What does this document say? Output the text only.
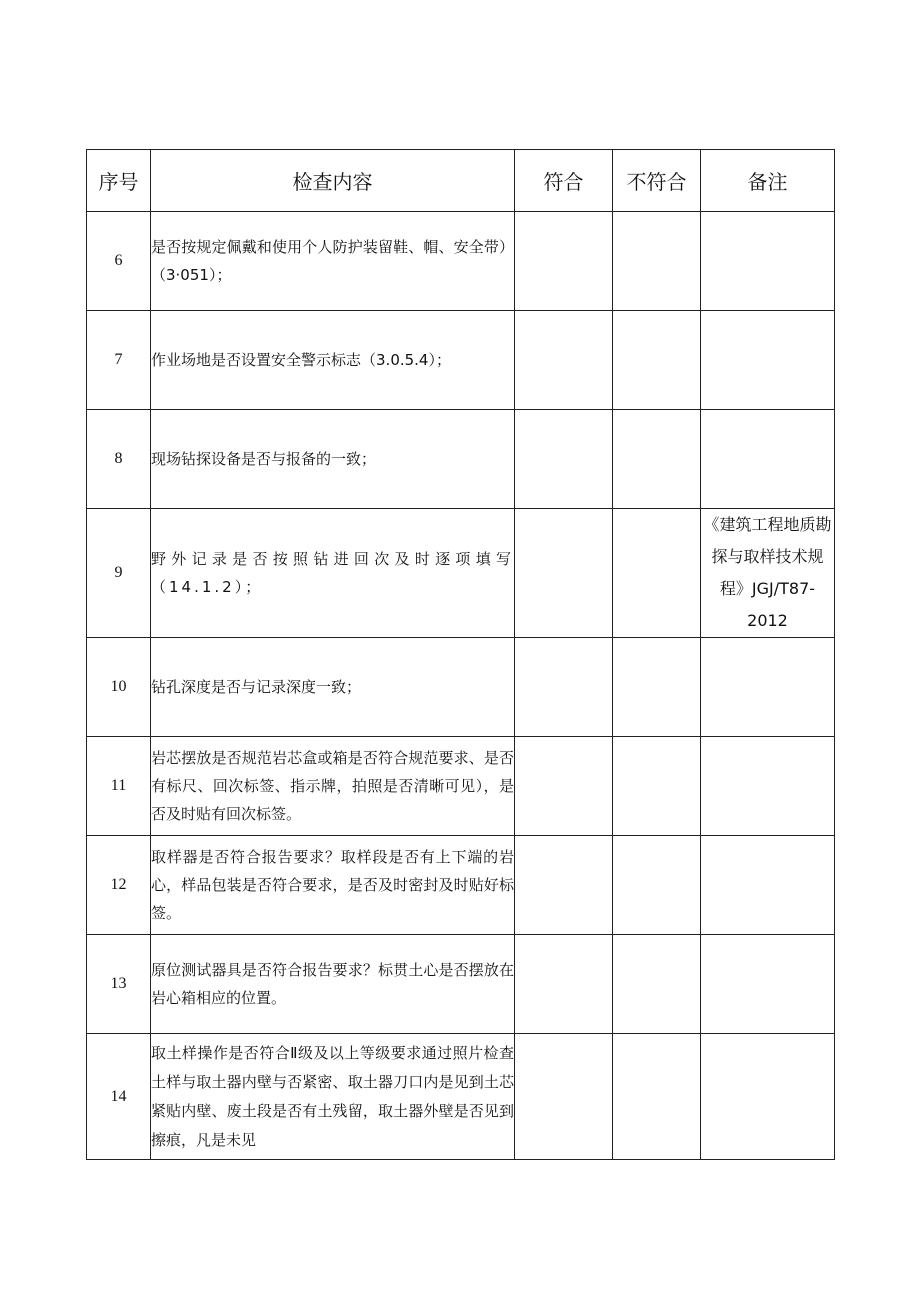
序号	检查内容	符合	不符合	备注
6	是否按规定佩戴和使用个人防护装留鞋、帽、安全带）（3·051）；			
7	作业场地是否设置安全警示标志（3.0.5.4）；			
8	现场钻探设备是否与报备的一致；			
9	野外记录是否按照钻进回次及时逐项填写（14.1.2）；			《建筑工程地质勘探与取样技术规程》JGJ/T87-2012
10	钻孔深度是否与记录深度一致；			
11	岩芯摆放是否规范岩芯盒或箱是否符合规范要求、是否有标尺、回次标签、指示牌，拍照是否清晰可见），是否及时贴有回次标签。			
12	取样器是否符合报告要求？取样段是否有上下端的岩心，样品包装是否符合要求，是否及时密封及时贴好标签。			
13	原位测试器具是否符合报告要求？标贯土心是否摆放在岩心箱相应的位置。			
14	取土样操作是否符合Ⅱ级及以上等级要求通过照片检查土样与取土器内壁与否紧密、取土器刀口内是见到土芯紧贴内壁、废土段是否有土残留，取土器外壁是否见到擦痕，凡是未见			
